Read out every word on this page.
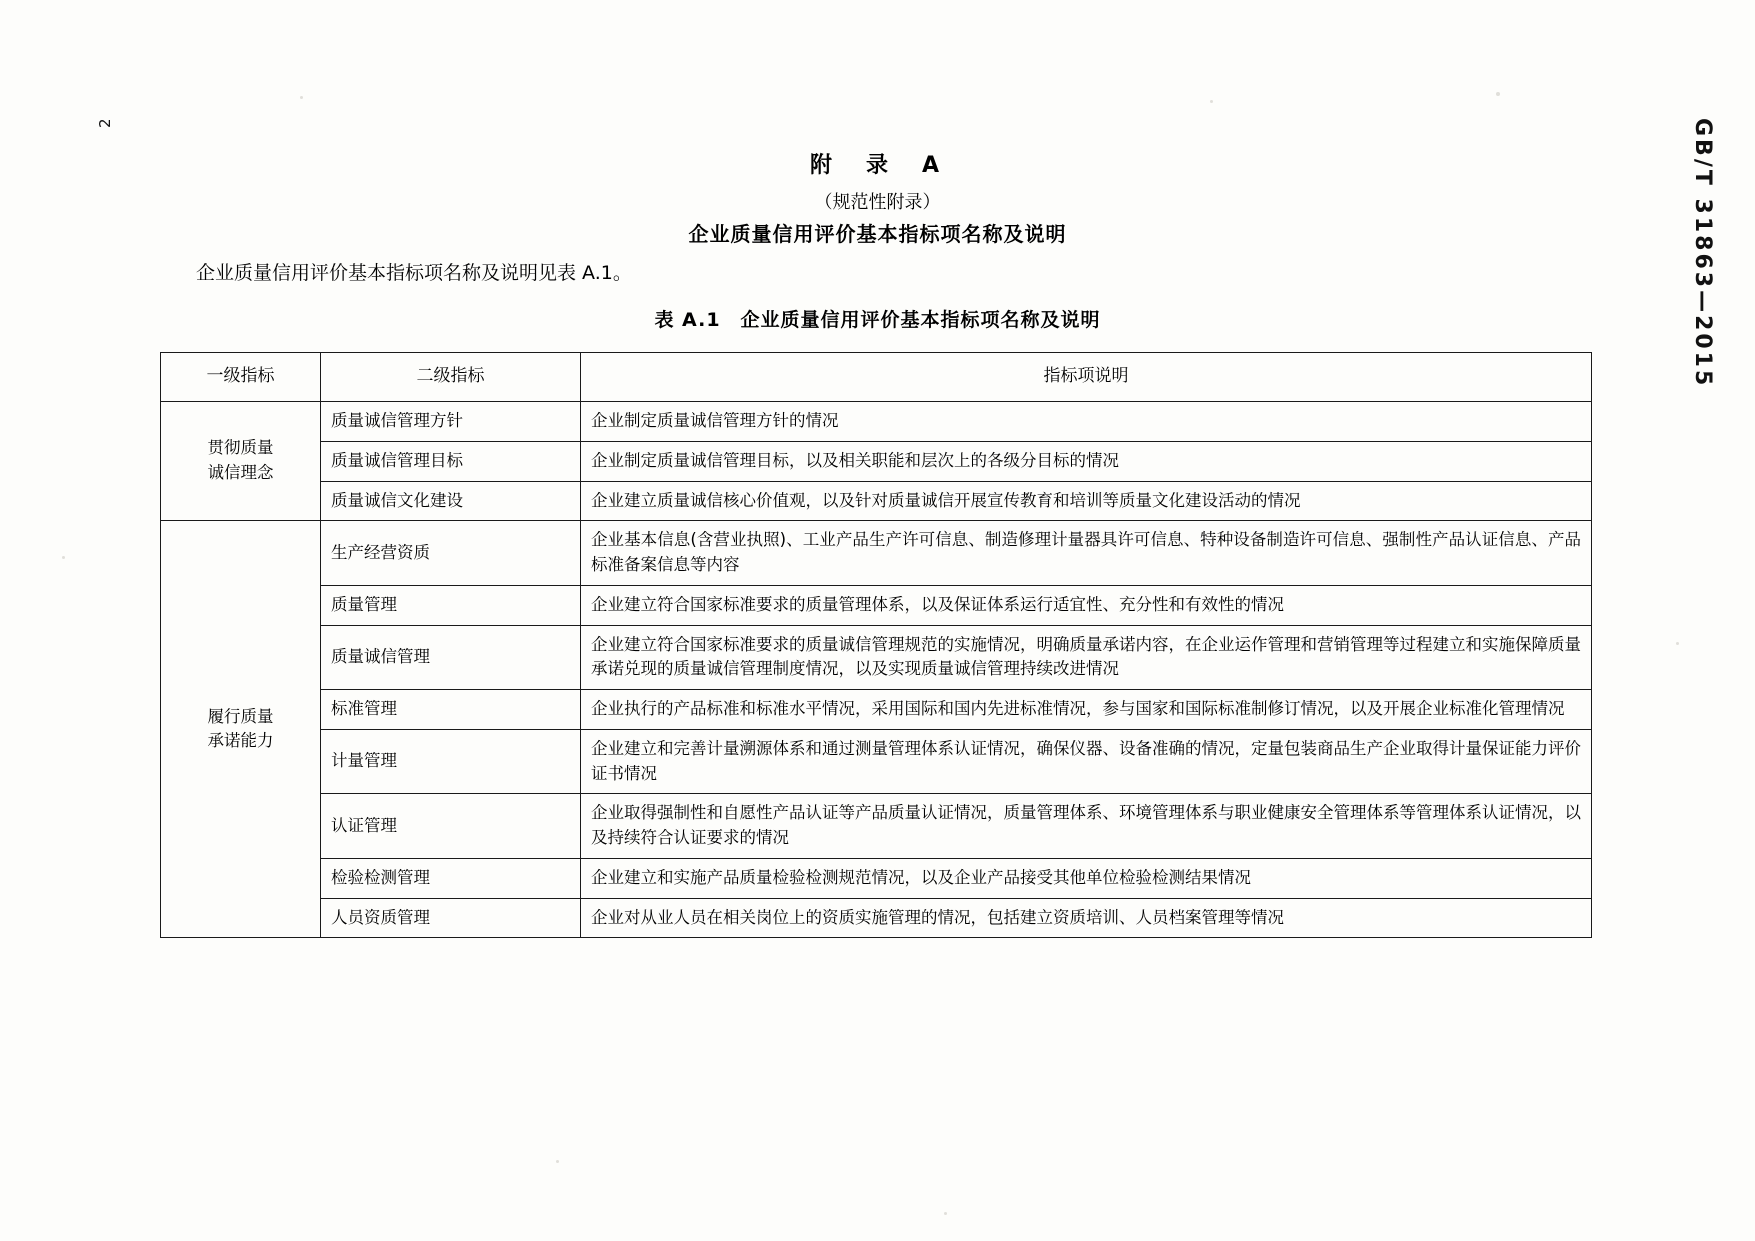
2	GB/T 31863—2015
附　录　A
（规范性附录）
企业质量信用评价基本指标项名称及说明
企业质量信用评价基本指标项名称及说明见表 A.1。
表 A.1　企业质量信用评价基本指标项名称及说明
一级指标	二级指标	指标项说明
贯彻质量
诚信理念	质量诚信管理方针	企业制定质量诚信管理方针的情况
	质量诚信管理目标	企业制定质量诚信管理目标，以及相关职能和层次上的各级分目标的情况
	质量诚信文化建设	企业建立质量诚信核心价值观，以及针对质量诚信开展宣传教育和培训等质量文化建设活动的情况
履行质量
承诺能力	生产经营资质	企业基本信息(含营业执照)、工业产品生产许可信息、制造修理计量器具许可信息、特种设备制造许可信息、强制性产品认证信息、产品标准备案信息等内容
	质量管理	企业建立符合国家标准要求的质量管理体系，以及保证体系运行适宜性、充分性和有效性的情况
	质量诚信管理	企业建立符合国家标准要求的质量诚信管理规范的实施情况，明确质量承诺内容，在企业运作管理和营销管理等过程建立和实施保障质量承诺兑现的质量诚信管理制度情况，以及实现质量诚信管理持续改进情况
	标准管理	企业执行的产品标准和标准水平情况，采用国际和国内先进标准情况，参与国家和国际标准制修订情况，以及开展企业标准化管理情况
	计量管理	企业建立和完善计量溯源体系和通过测量管理体系认证情况，确保仪器、设备准确的情况，定量包装商品生产企业取得计量保证能力评价证书情况
	认证管理	企业取得强制性和自愿性产品认证等产品质量认证情况，质量管理体系、环境管理体系与职业健康安全管理体系等管理体系认证情况，以及持续符合认证要求的情况
	检验检测管理	企业建立和实施产品质量检验检测规范情况，以及企业产品接受其他单位检验检测结果情况
	人员资质管理	企业对从业人员在相关岗位上的资质实施管理的情况，包括建立资质培训、人员档案管理等情况
